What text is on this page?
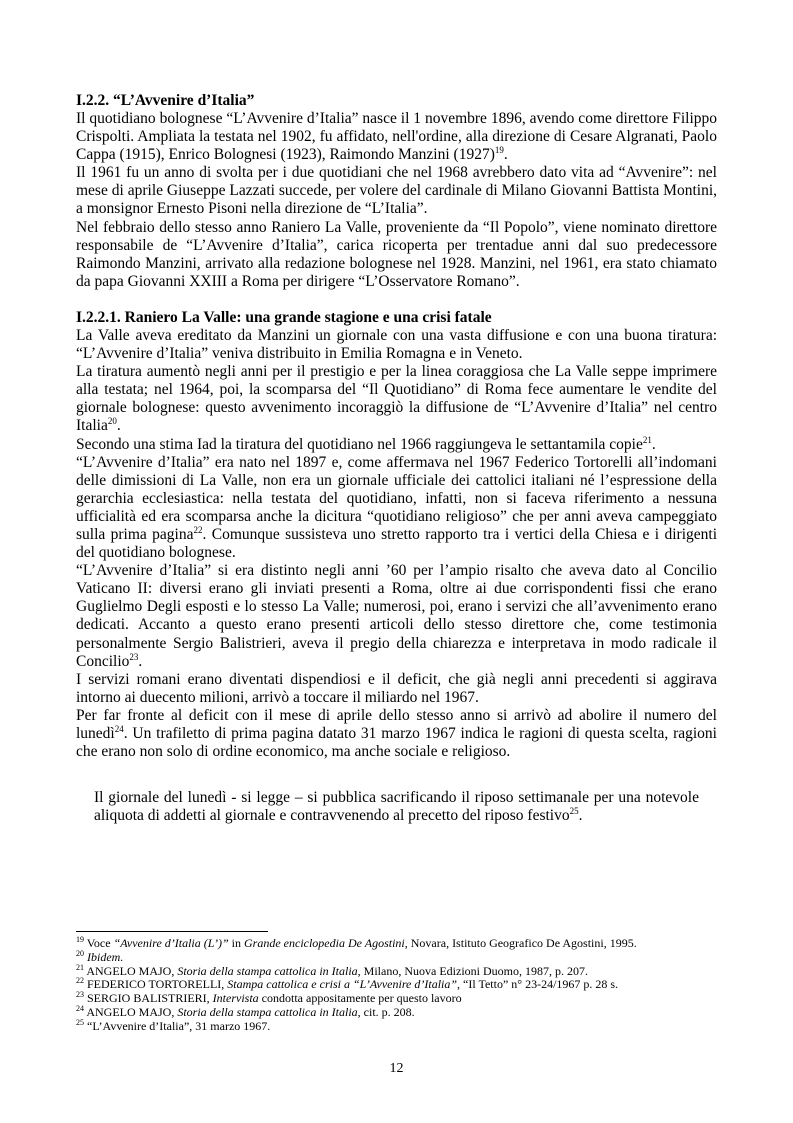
I.2.2. “L’Avvenire d’Italia”

Il quotidiano bolognese “L’Avvenire d’Italia” nasce il 1 novembre 1896, avendo come direttore Filippo Crispolti. Ampliata la testata nel 1902, fu affidato, nell'ordine, alla direzione di Cesare Algranati, Paolo Cappa (1915), Enrico Bolognesi (1923), Raimondo Manzini $(1927)^{19}$.

Il 1961 fu un anno di svolta per i due quotidiani che nel 1968 avrebbero dato vita ad “Avvenire”: nel mese di aprile Giuseppe Lazzati succede, per volere del cardinale di Milano Giovanni Battista Montini, a monsignor Ernesto Pisoni nella direzione de “L’Italia”.

Nel febbraio dello stesso anno Raniero La Valle, proveniente da “Il Popolo”, viene nominato direttore responsabile de “L’Avvenire d’Italia”, carica ricoperta per trentadue anni dal suo predecessore Raimondo Manzini, arrivato alla redazione bolognese nel 1928. Manzini, nel 1961, era stato chiamato da papa Giovanni XXIII a Roma per dirigere “L’Osservatore Romano”.

I.2.2.1. Raniero La Valle: una grande stagione e una crisi fatale

La Valle aveva ereditato da Manzini un giornale con una vasta diffusione e con una buona tiratura: “L’Avvenire d’Italia” veniva distribuito in Emilia Romagna e in Veneto.

La tiratura aumentò negli anni per il prestigio e per la linea coraggiosa che La Valle seppe imprimere alla testata; nel 1964, poi, la scomparsa del “Il Quotidiano” di Roma fece aumentare le vendite del giornale bolognese: questo avvenimento incoraggiò la diffusione de “L’Avvenire d’Italia” nel centro Italia$^{20}$.

Secondo una stima Iad la tiratura del quotidiano nel 1966 raggiungeva le settantamila copie$^{21}$.

“L’Avvenire d’Italia” era nato nel 1897 e, come affermava nel 1967 Federico Tortorelli all’indomani delle dimissioni di La Valle, non era un giornale ufficiale dei cattolici italiani né l’espressione della gerarchia ecclesiastica: nella testata del quotidiano, infatti, non si faceva riferimento a nessuna ufficialità ed era scomparsa anche la dicitura “quotidiano religioso” che per anni aveva campeggiato sulla prima pagina$^{22}$. Comunque sussisteva uno stretto rapporto tra i vertici della Chiesa e i dirigenti del quotidiano bolognese.

“L’Avvenire d’Italia” si era distinto negli anni ’60 per l’ampio risalto che aveva dato al Concilio Vaticano II: diversi erano gli inviati presenti a Roma, oltre ai due corrispondenti fissi che erano Guglielmo Degli esposti e lo stesso La Valle; numerosi, poi, erano i servizi che all’avvenimento erano dedicati. Accanto a questo erano presenti articoli dello stesso direttore che, come testimonia personalmente Sergio Balistrieri, aveva il pregio della chiarezza e interpretava in modo radicale il Concilio$^{23}$.

I servizi romani erano diventati dispendiosi e il deficit, che già negli anni precedenti si aggirava intorno ai duecento milioni, arrivò a toccare il miliardo nel 1967.

Per far fronte al deficit con il mese di aprile dello stesso anno si arrivò ad abolire il numero del lunedì$^{24}$. Un trafiletto di prima pagina datato 31 marzo 1967 indica le ragioni di questa scelta, ragioni che erano non solo di ordine economico, ma anche sociale e religioso.

Il giornale del lunedì - si legge – si pubblica sacrificando il riposo settimanale per una notevole aliquota di addetti al giornale e contravvenendo al precetto del riposo festivo$^{25}$.

$^{19}$ Voce “Avvenire d’Italia (L’)” in Grande enciclopedia De Agostini, Novara, Istituto Geografico De Agostini, 1995.

$^{20}$ Ibidem.

$^{21}$ ANGELO MAJO, Storia della stampa cattolica in Italia, Milano, Nuova Edizioni Duomo, 1987, p. 207.

$^{22}$ FEDERICO TORTORELLI, Stampa cattolica e crisi a “L’Avvenire d’Italia”, “Il Tetto” n° 23-24/1967 p. 28 s.

$^{23}$ SERGIO BALISTRIERI, Intervista condotta appositamente per questo lavoro

$^{24}$ ANGELO MAJO, Storia della stampa cattolica in Italia, cit. p. 208.

$^{25}$ “L’Avvenire d’Italia”, 31 marzo 1967.

12
